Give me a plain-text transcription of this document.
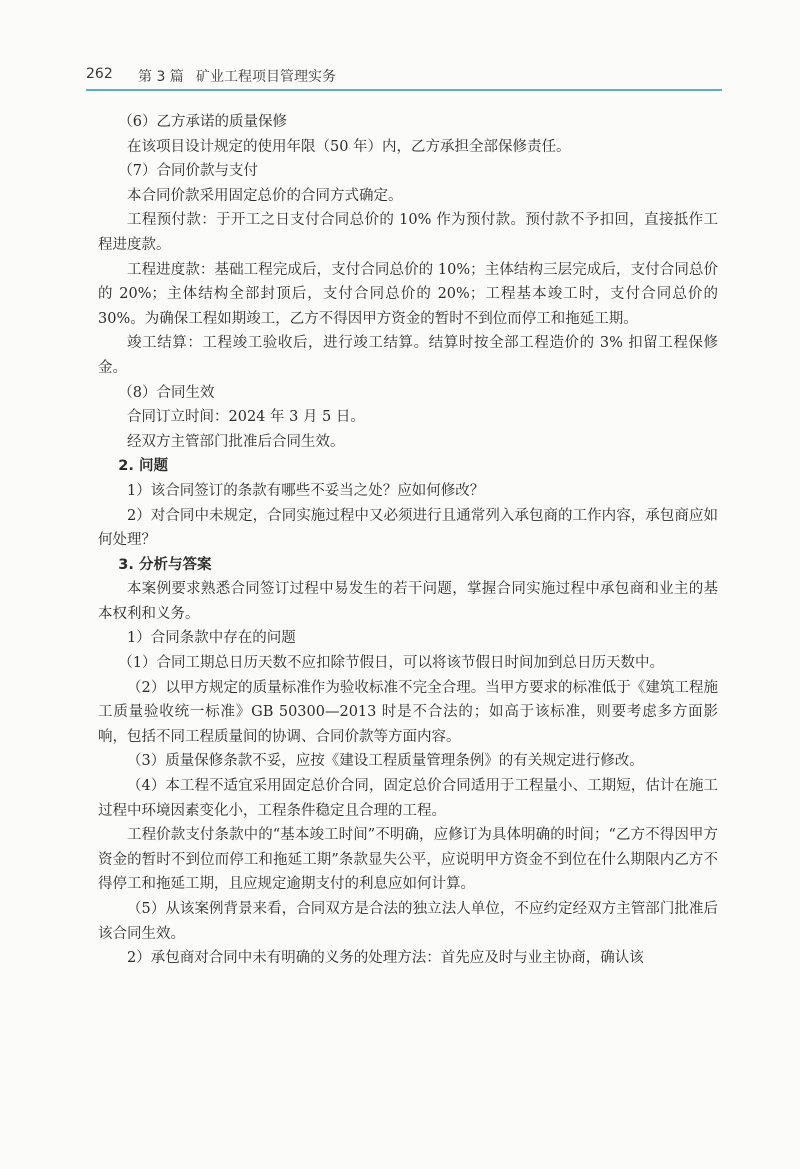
262 第 3 篇 矿业工程项目管理实务

（6）乙方承诺的质量保修

在该项目设计规定的使用年限（50 年）内，乙方承担全部保修责任。

（7）合同价款与支付

本合同价款采用固定总价的合同方式确定。

工程预付款：于开工之日支付合同总价的 10% 作为预付款。预付款不予扣回，直接抵作工程进度款。

工程进度款：基础工程完成后，支付合同总价的 10%；主体结构三层完成后，支付合同总价的 20%；主体结构全部封顶后，支付合同总价的 20%；工程基本竣工时，支付合同总价的 30%。为确保工程如期竣工，乙方不得因甲方资金的暂时不到位而停工和拖延工期。

竣工结算：工程竣工验收后，进行竣工结算。结算时按全部工程造价的 3% 扣留工程保修金。

（8）合同生效

合同订立时间：2024 年 3 月 5 日。

经双方主管部门批准后合同生效。

2. 问题

1）该合同签订的条款有哪些不妥当之处？应如何修改？

2）对合同中未规定，合同实施过程中又必须进行且通常列入承包商的工作内容，承包商应如何处理？

3. 分析与答案

本案例要求熟悉合同签订过程中易发生的若干问题，掌握合同实施过程中承包商和业主的基本权利和义务。

1）合同条款中存在的问题

（1）合同工期总日历天数不应扣除节假日，可以将该节假日时间加到总日历天数中。

（2）以甲方规定的质量标准作为验收标准不完全合理。当甲方要求的标准低于《建筑工程施工质量验收统一标准》GB 50300—2013 时是不合法的；如高于该标准，则要考虑多方面影响，包括不同工程质量间的协调、合同价款等方面内容。

（3）质量保修条款不妥，应按《建设工程质量管理条例》的有关规定进行修改。

（4）本工程不适宜采用固定总价合同，固定总价合同适用于工程量小、工期短，估计在施工过程中环境因素变化小，工程条件稳定且合理的工程。

工程价款支付条款中的“基本竣工时间”不明确，应修订为具体明确的时间；“乙方不得因甲方资金的暂时不到位而停工和拖延工期”条款显失公平，应说明甲方资金不到位在什么期限内乙方不得停工和拖延工期，且应规定逾期支付的利息应如何计算。

（5）从该案例背景来看，合同双方是合法的独立法人单位，不应约定经双方主管部门批准后该合同生效。

2）承包商对合同中未有明确的义务的处理方法：首先应及时与业主协商，确认该
